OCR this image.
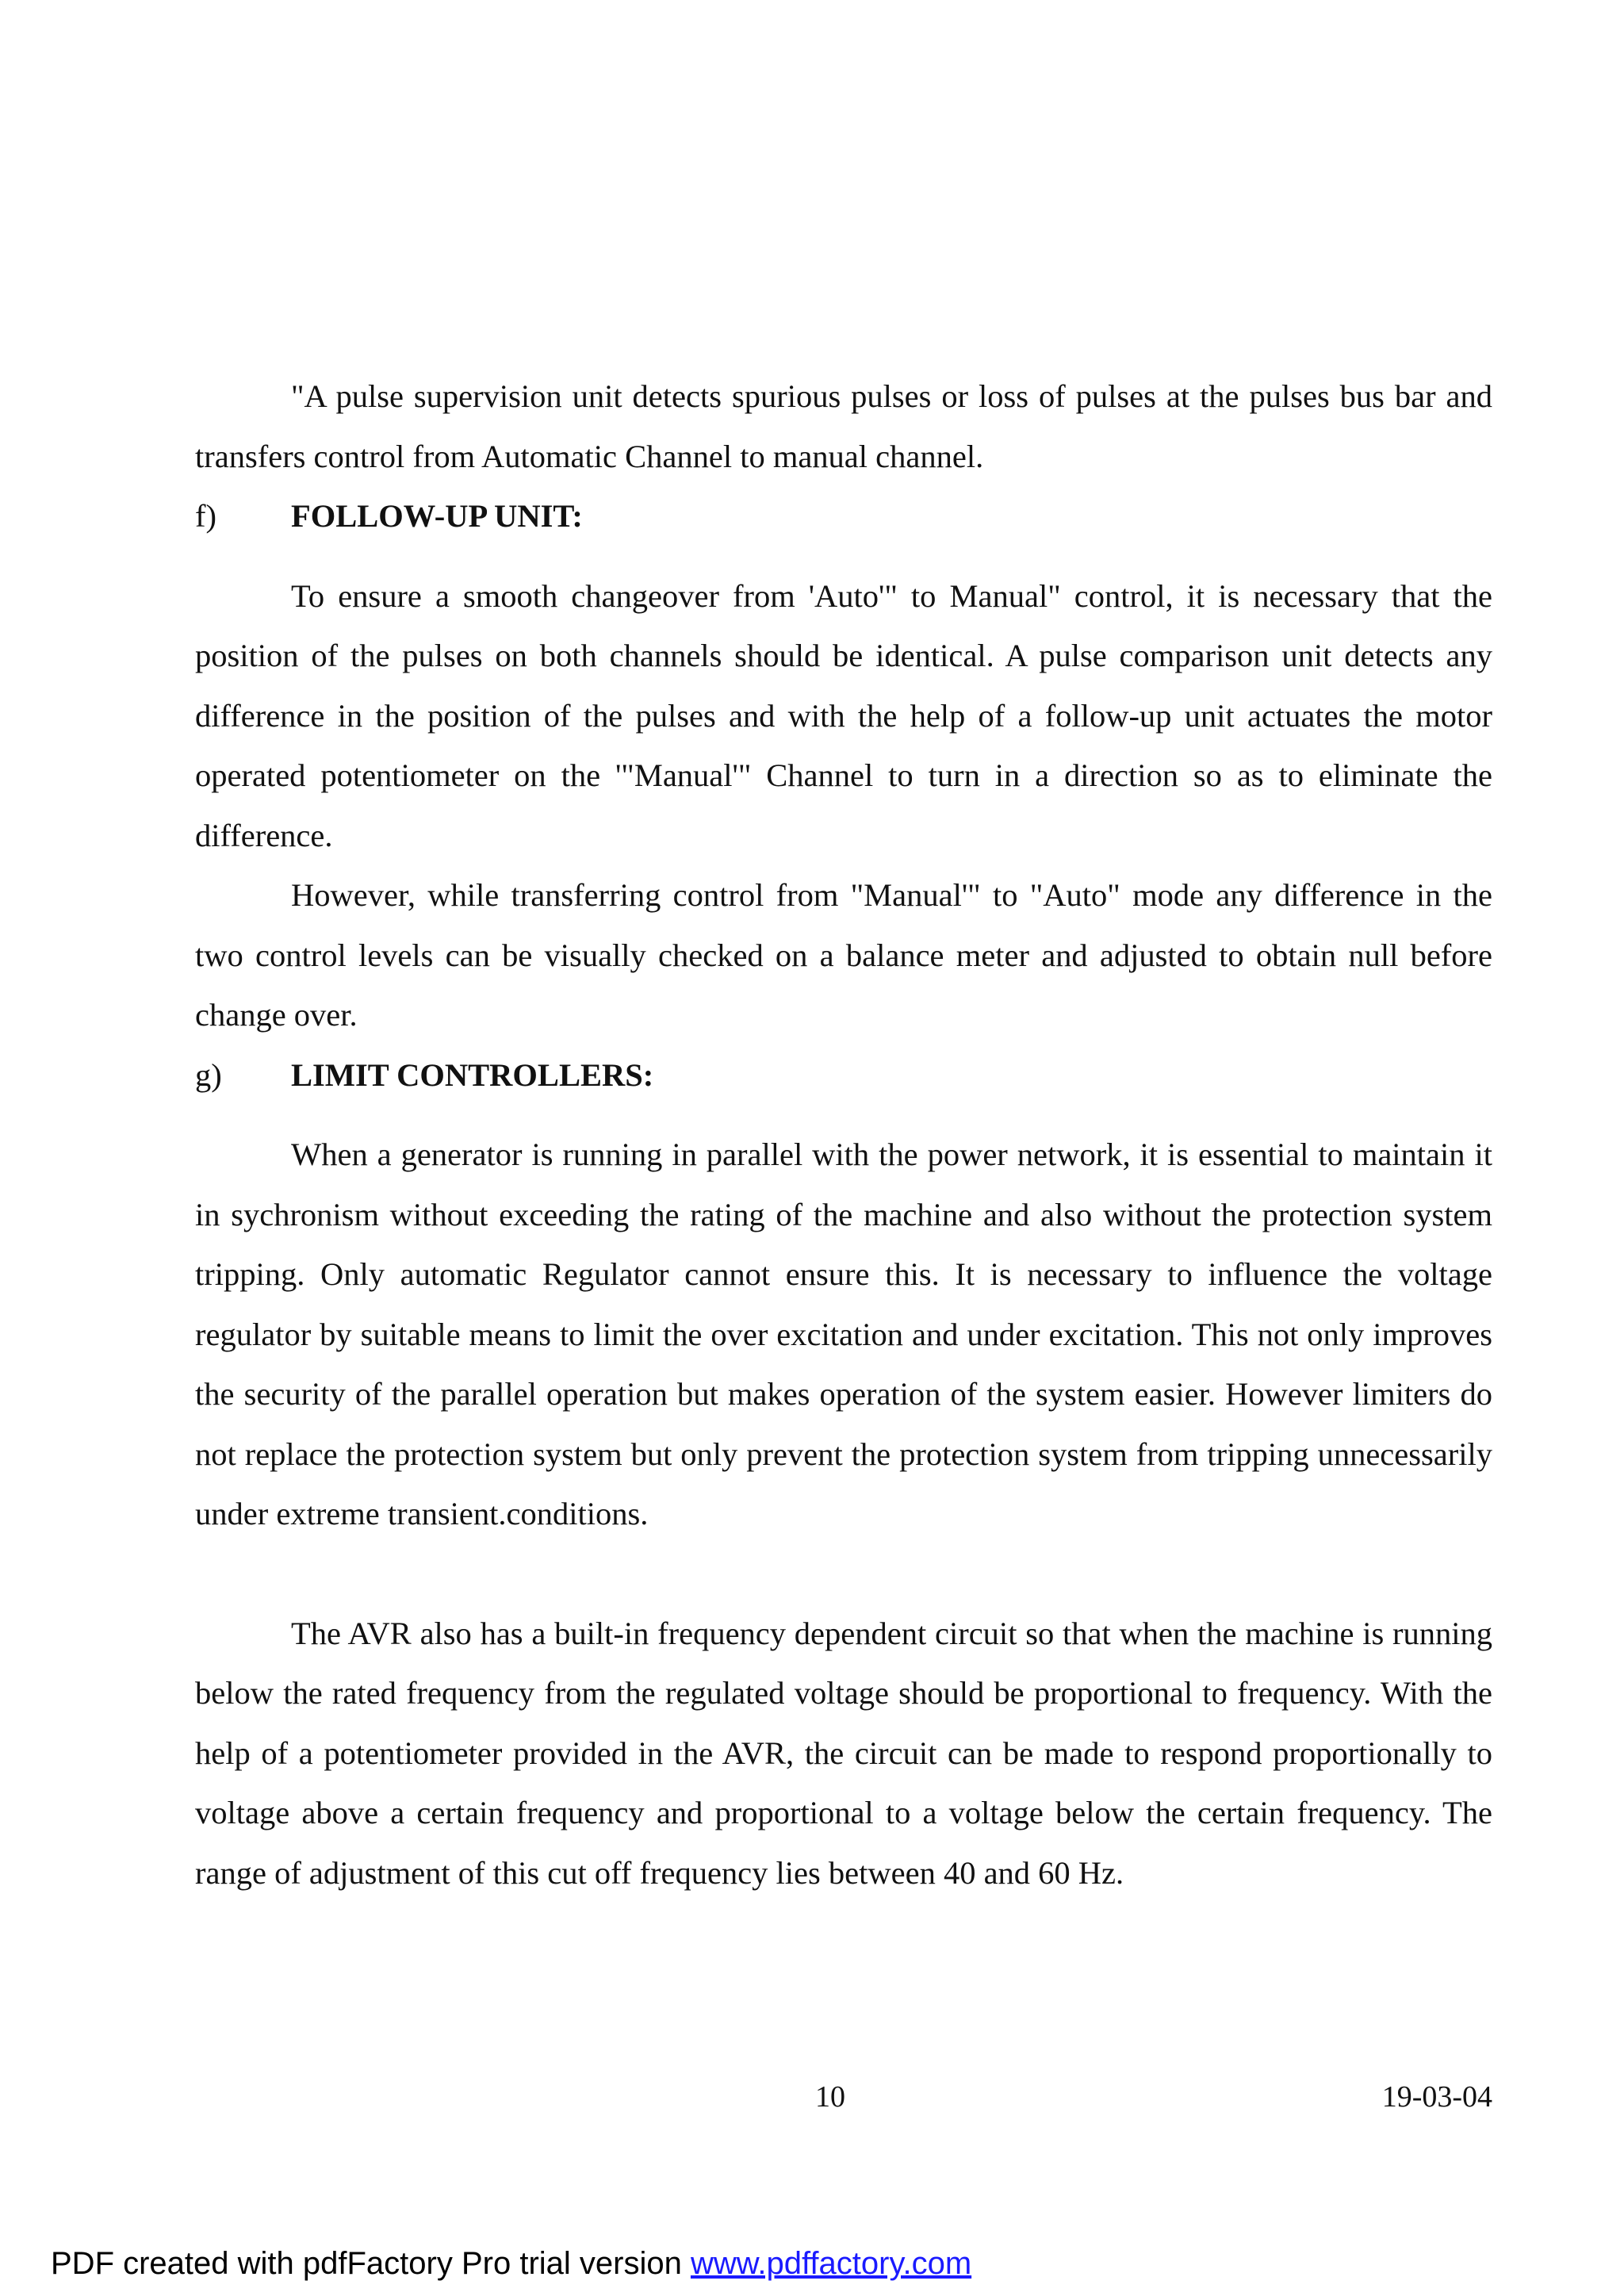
"A pulse supervision unit detects spurious pulses or loss of pulses at the pulses bus bar and transfers control from Automatic Channel to manual channel.

f)	FOLLOW-UP UNIT:

To ensure a smooth changeover from 'Auto'" to Manual" control, it is necessary that the position of the pulses on both channels should be identical. A pulse comparison unit detects any difference in the position of the pulses and with the help of a follow-up unit actuates the motor operated potentiometer on the '"Manual'" Channel to turn in a direction so as to eliminate the difference.

However, while transferring control from "Manual'" to "Auto" mode any difference in the two control levels can be visually checked on a balance meter and adjusted to obtain null before change over.

g)	LIMIT CONTROLLERS:

When a generator is running in parallel with the power network, it is essential to maintain it in sychronism without exceeding the rating of the machine and also without the protection system tripping. Only automatic Regulator cannot ensure this. It is necessary to influence the voltage regulator by suitable means to limit the over excitation and under excitation. This not only improves the security of the parallel operation but makes operation of the system easier. However limiters do not replace the protection system but only prevent the protection system from tripping unnecessarily under extreme transient.conditions.

The AVR also has a built-in frequency dependent circuit so that when the machine is running below the rated frequency from the regulated voltage should be proportional to frequency. With the help of a potentiometer provided in the AVR, the circuit can be made to respond proportionally to voltage above a certain frequency and proportional to a voltage below the certain frequency. The range of adjustment of this cut off frequency lies between 40 and 60 Hz.

10	19-03-04
PDF created with pdfFactory Pro trial version www.pdffactory.com
